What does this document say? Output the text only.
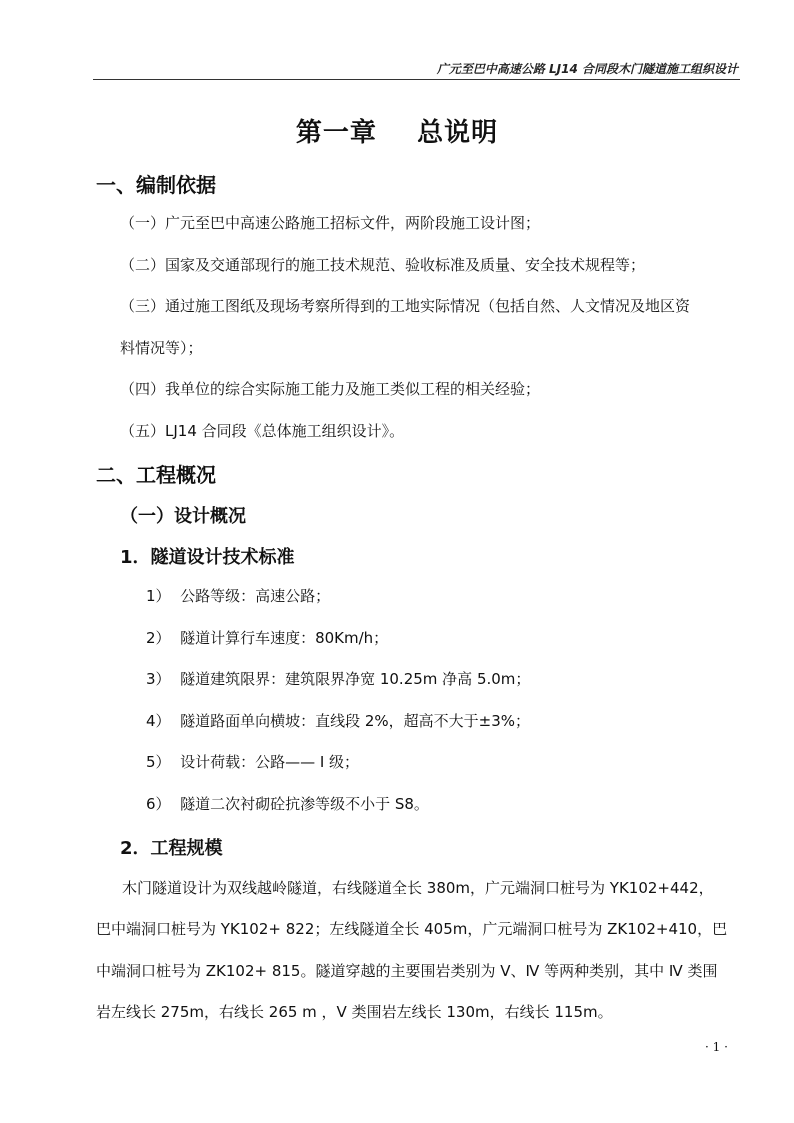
广元至巴中高速公路 LJ14 合同段木门隧道施工组织设计
第一章    总说明
一、编制依据
（一）广元至巴中高速公路施工招标文件，两阶段施工设计图；
（二）国家及交通部现行的施工技术规范、验收标准及质量、安全技术规程等；
（三）通过施工图纸及现场考察所得到的工地实际情况（包括自然、人文情况及地区资
料情况等）；
（四）我单位的综合实际施工能力及施工类似工程的相关经验；
（五）LJ14 合同段《总体施工组织设计》。
二、工程概况
（一）设计概况
1．隧道设计技术标准
1）  公路等级：高速公路；
2）  隧道计算行车速度：80Km/h；
3）  隧道建筑限界：建筑限界净宽 10.25m 净高 5.0m；
4）  隧道路面单向横坡：直线段 2%，超高不大于±3%；
5）  设计荷载：公路—— I 级；
6）  隧道二次衬砌砼抗渗等级不小于 S8。
2．工程规模
木门隧道设计为双线越岭隧道，右线隧道全长 380m，广元端洞口桩号为 YK102+442，
巴中端洞口桩号为 YK102+ 822；左线隧道全长 405m，广元端洞口桩号为 ZK102+410，巴
中端洞口桩号为 ZK102+ 815。隧道穿越的主要围岩类别为 V、Ⅳ 等两种类别，其中 Ⅳ 类围
岩左线长 275m，右线长 265 m ，V 类围岩左线长 130m，右线长 115m。
· 1 ·
